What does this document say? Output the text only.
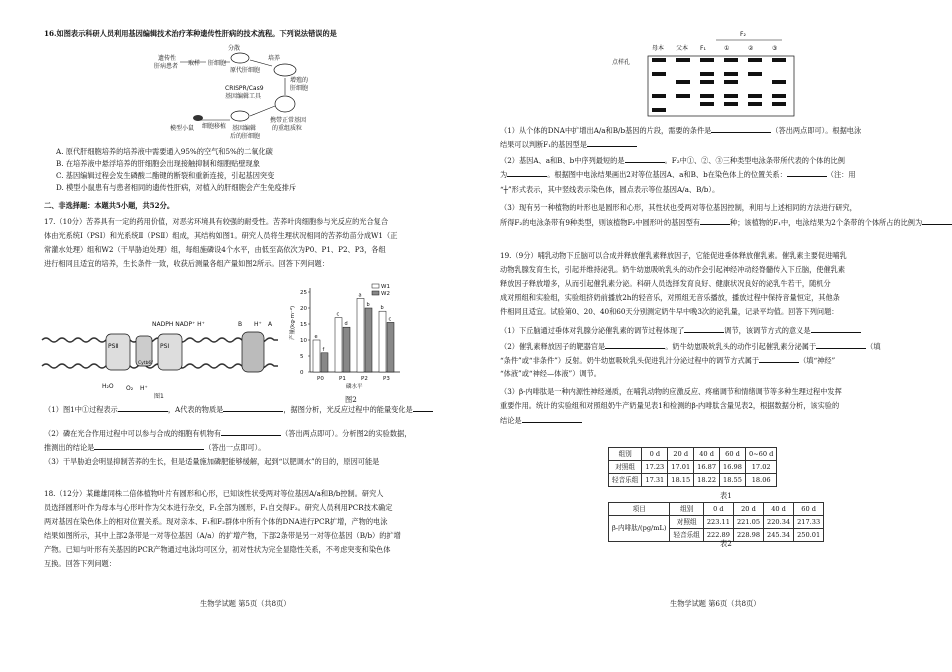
16.如图表示科研人员利用基因编辑技术治疗苯种遗传性肝病的技术流程。下列说法错误的是
遗传性
肝病患者 取样 肝细胞
分散
原代肝细胞
培养
增殖的
肝细胞
CRISPR/Cas9
基因编辑工具
携带正常基因
的重组质粒
基因编辑
后的肝细胞
细胞移植
模型小鼠
A. 原代肝细胞培养的培养液中需要通入95%的空气和5%的二氧化碳
B. 在培养液中悬浮培养的肝细胞会出现接触抑制和细胞贴壁现象
C. 基因编辑过程会发生磷酸二酯键的断裂和重新连接，引起基因突变
D. 模型小鼠患有与患者相同的遗传性肝病，对植入的肝细胞会产生免疫排斥
二、非选择题：本题共5小题，共52分。
17.（10分）苦荞具有一定的药用价值，对恶劣环境具有较强的耐受性。苦荞叶肉细胞参与光反应的光合复合
体由光系统Ⅰ（PSⅠ）和光系统Ⅱ（PSⅡ）组成，其结构如图1。研究人员将生理状况相同的苦荞幼苗分成W1（正
常灌水处理）组和W2（干旱胁迫处理）组，每组施磷设4个水平，由低至高依次为P0、P1、P2、P3，各组
进行相同且适宜的培养，生长条件一致，收获后测量各组产量如图2所示。回答下列问题：
NADPH NADP⁺ H⁺	B H⁺ A
PSⅡ
Cytb6f
PSⅠ
H₂O O₂ H⁺
图1
产量(kg·m⁻²)
0
5
10
15
20
25
e
f
P0
c
d
P1
a
b
P2
b
c
P3
磷水平
W1
W2
图2
（1）图1中①过程表示	，A代表的物质是	，据图分析，光反应过程中的能量变化是
（2）磷在光合作用过程中可以参与合成的细胞有机物有	（答出两点即可）。分析图2的实验数据，
推测出的结论是	（答出一点即可）。
（3）干旱胁迫会明显抑制苦荞的生长，但是适量施加磷肥能够缓解，起到“以肥调水”的目的，原因可能是
18.（12分）某雌雄同株二倍体植物叶片有圆形和心形，已知该性状受两对等位基因A/a和B/b控制。研究人
员选择圆形叶作为母本与心形叶作为父本进行杂交，F₁全部为圆形，F₁自交得F₂。研究人员利用PCR技术确定
两对基因在染色体上的相对位置关系。现对亲本、F₁和F₂群体中所有个体的DNA进行PCR扩增，产物的电泳
结果如图所示，其中上部2条带是一对等位基因（A/a）的扩增产物，下部2条带是另一对等位基因（B/b）的扩增
产物。已知与叶形有关基因的PCR产物通过电泳均可区分，初对性状为完全显隐性关系，不考虑突变和染色体
互换。回答下列问题：
生物学试题 第5页（共8页）
F₂
母本 父本 F₁	①	②	③
点样孔
（1）从个体的DNA中扩增出A/a和B/b基因的片段，需要的条件是	（答出两点即可）。根据电泳
结果可以判断F₁的基因型是
（2）基因A、a和B、b中序列最短的是	。F₂中①、②、③三种类型电泳条带所代表的个体的比例
为	。根据图中电泳结果画出2对等位基因A、a和B、b在染色体上的位置关系：	（注：用
“┼”形式表示，其中竖线表示染色体，圆点表示等位基因A/a、B/b）。
（3）现有另一种植物的叶形也是圆形和心形，其性状也受两对等位基因控制，利用与上述相同的方法进行研究，
所得F₂的电泳条带有9种类型，则该植物F₂中圆形叶的基因型有	种；该植物的F₁中，电泳结果为2个条带的个体所占的比例为
19.（9分）哺乳动物下丘脑可以合成并释放催乳素释放因子，它能促进垂体释放催乳素。催乳素主要促进哺乳
动物乳腺发育生长，引起并维持泌乳。奶牛幼崽吸吮乳头的动作会引起神经冲动经脊髓传入下丘脑，使催乳素
释放因子释放增多，从而引起催乳素分泌。科研人员选择发育良好、健康状况良好的泌乳牛若干，随机分
成对照组和实验组，实验组挤奶前播放2h的轻音乐，对照组无音乐播放，播放过程中保持音量恒定，其他条
件相同且适宜。试验第0、20、40和60天分别测定奶牛早中晚3次的泌乳量，记录平均值。回答下列问题：
（1）下丘脑通过垂体对乳腺分泌催乳素的调节过程体现了	调节，该调节方式的意义是
（2）催乳素释放因子的靶器官是	。奶牛幼崽吸吮乳头的动作引起催乳素分泌属于	（填
“条件”或“非条件”）反射。奶牛幼崽吸吮乳头促进乳汁分泌过程中的调节方式属于	（填“神经”
“体液”或“神经—体液”）调节。
（3）β-内啡肽是一种内源性神经递质，在哺乳动物的应激反应、疼痛调节和情绪调节等多种生理过程中发挥
重要作用。统计的实验组和对照组奶牛产奶量见表1和检测的β-内啡肽含量见表2，根据数据分析，该实验的
结论是
组别	0 d	20 d	40 d	60 d	0~60 d
对照组	17.23	17.01	16.87	16.98	17.02
轻音乐组	17.31	18.15	18.22	18.55	18.06
表1
项目	组别	0 d	20 d	40 d	60 d
β-内啡肽/(pg/mL)	对照组	223.11	221.05	220.34	217.33
	轻音乐组	222.89	228.98	245.34	250.01
表2
生物学试题 第6页（共8页）
